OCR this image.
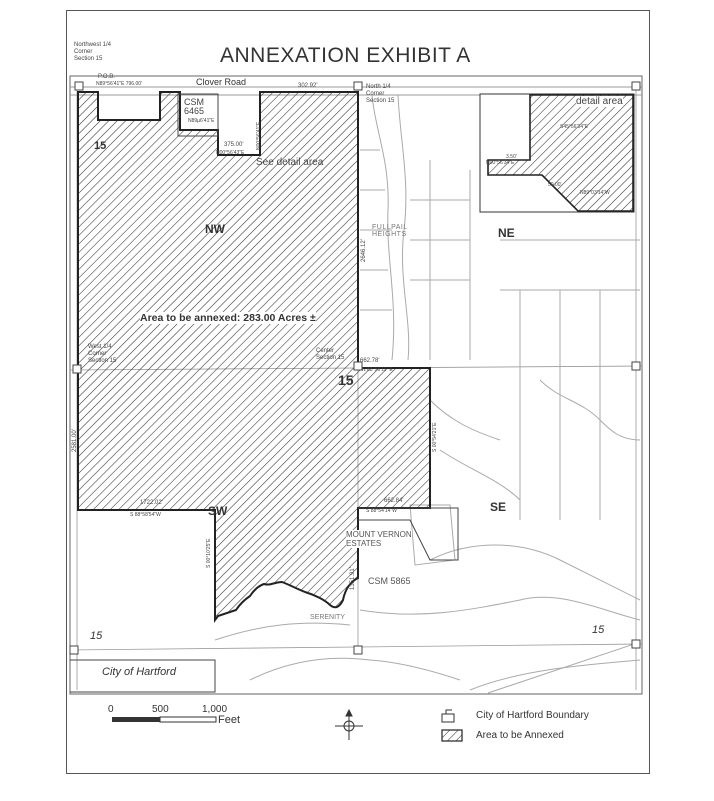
ANNEXATION EXHIBIT A
Northwest 1/4
Corner
Section 15
North 1/4
Corner
Section 15
West 1/4
Corner
Section 15
Center
Section 15
Clover Road
15
15
15	15
NW	NE
SW	SE
Area to be annexed: 283.00 Acres ±
CSM
6465
CSM 5865
See detail area
detail area
FULLPAIL
HEIGHTS
MOUNT VERNON
ESTATES
SERENITY
City of Hartford
P.O.B.
N89°56'41"E 796.00'	302.92'
N89µ6'41"E
375.00'
N00°56'43"E
662.78'
N 88°56'11" E
662.84'
S 88°54'14"W
1722.02'
S 88°58'54"W
N00°56'41"E
2646.12'
S 00°54'21"E
2581.00'
S 00°10'25"E
1351.91'
N00°56'34"E
3.50'
N89°03'14"W
50.00'
S45°56'34"E
0	500	1,000
Feet	City of Hartford Boundary
Area to be Annexed
